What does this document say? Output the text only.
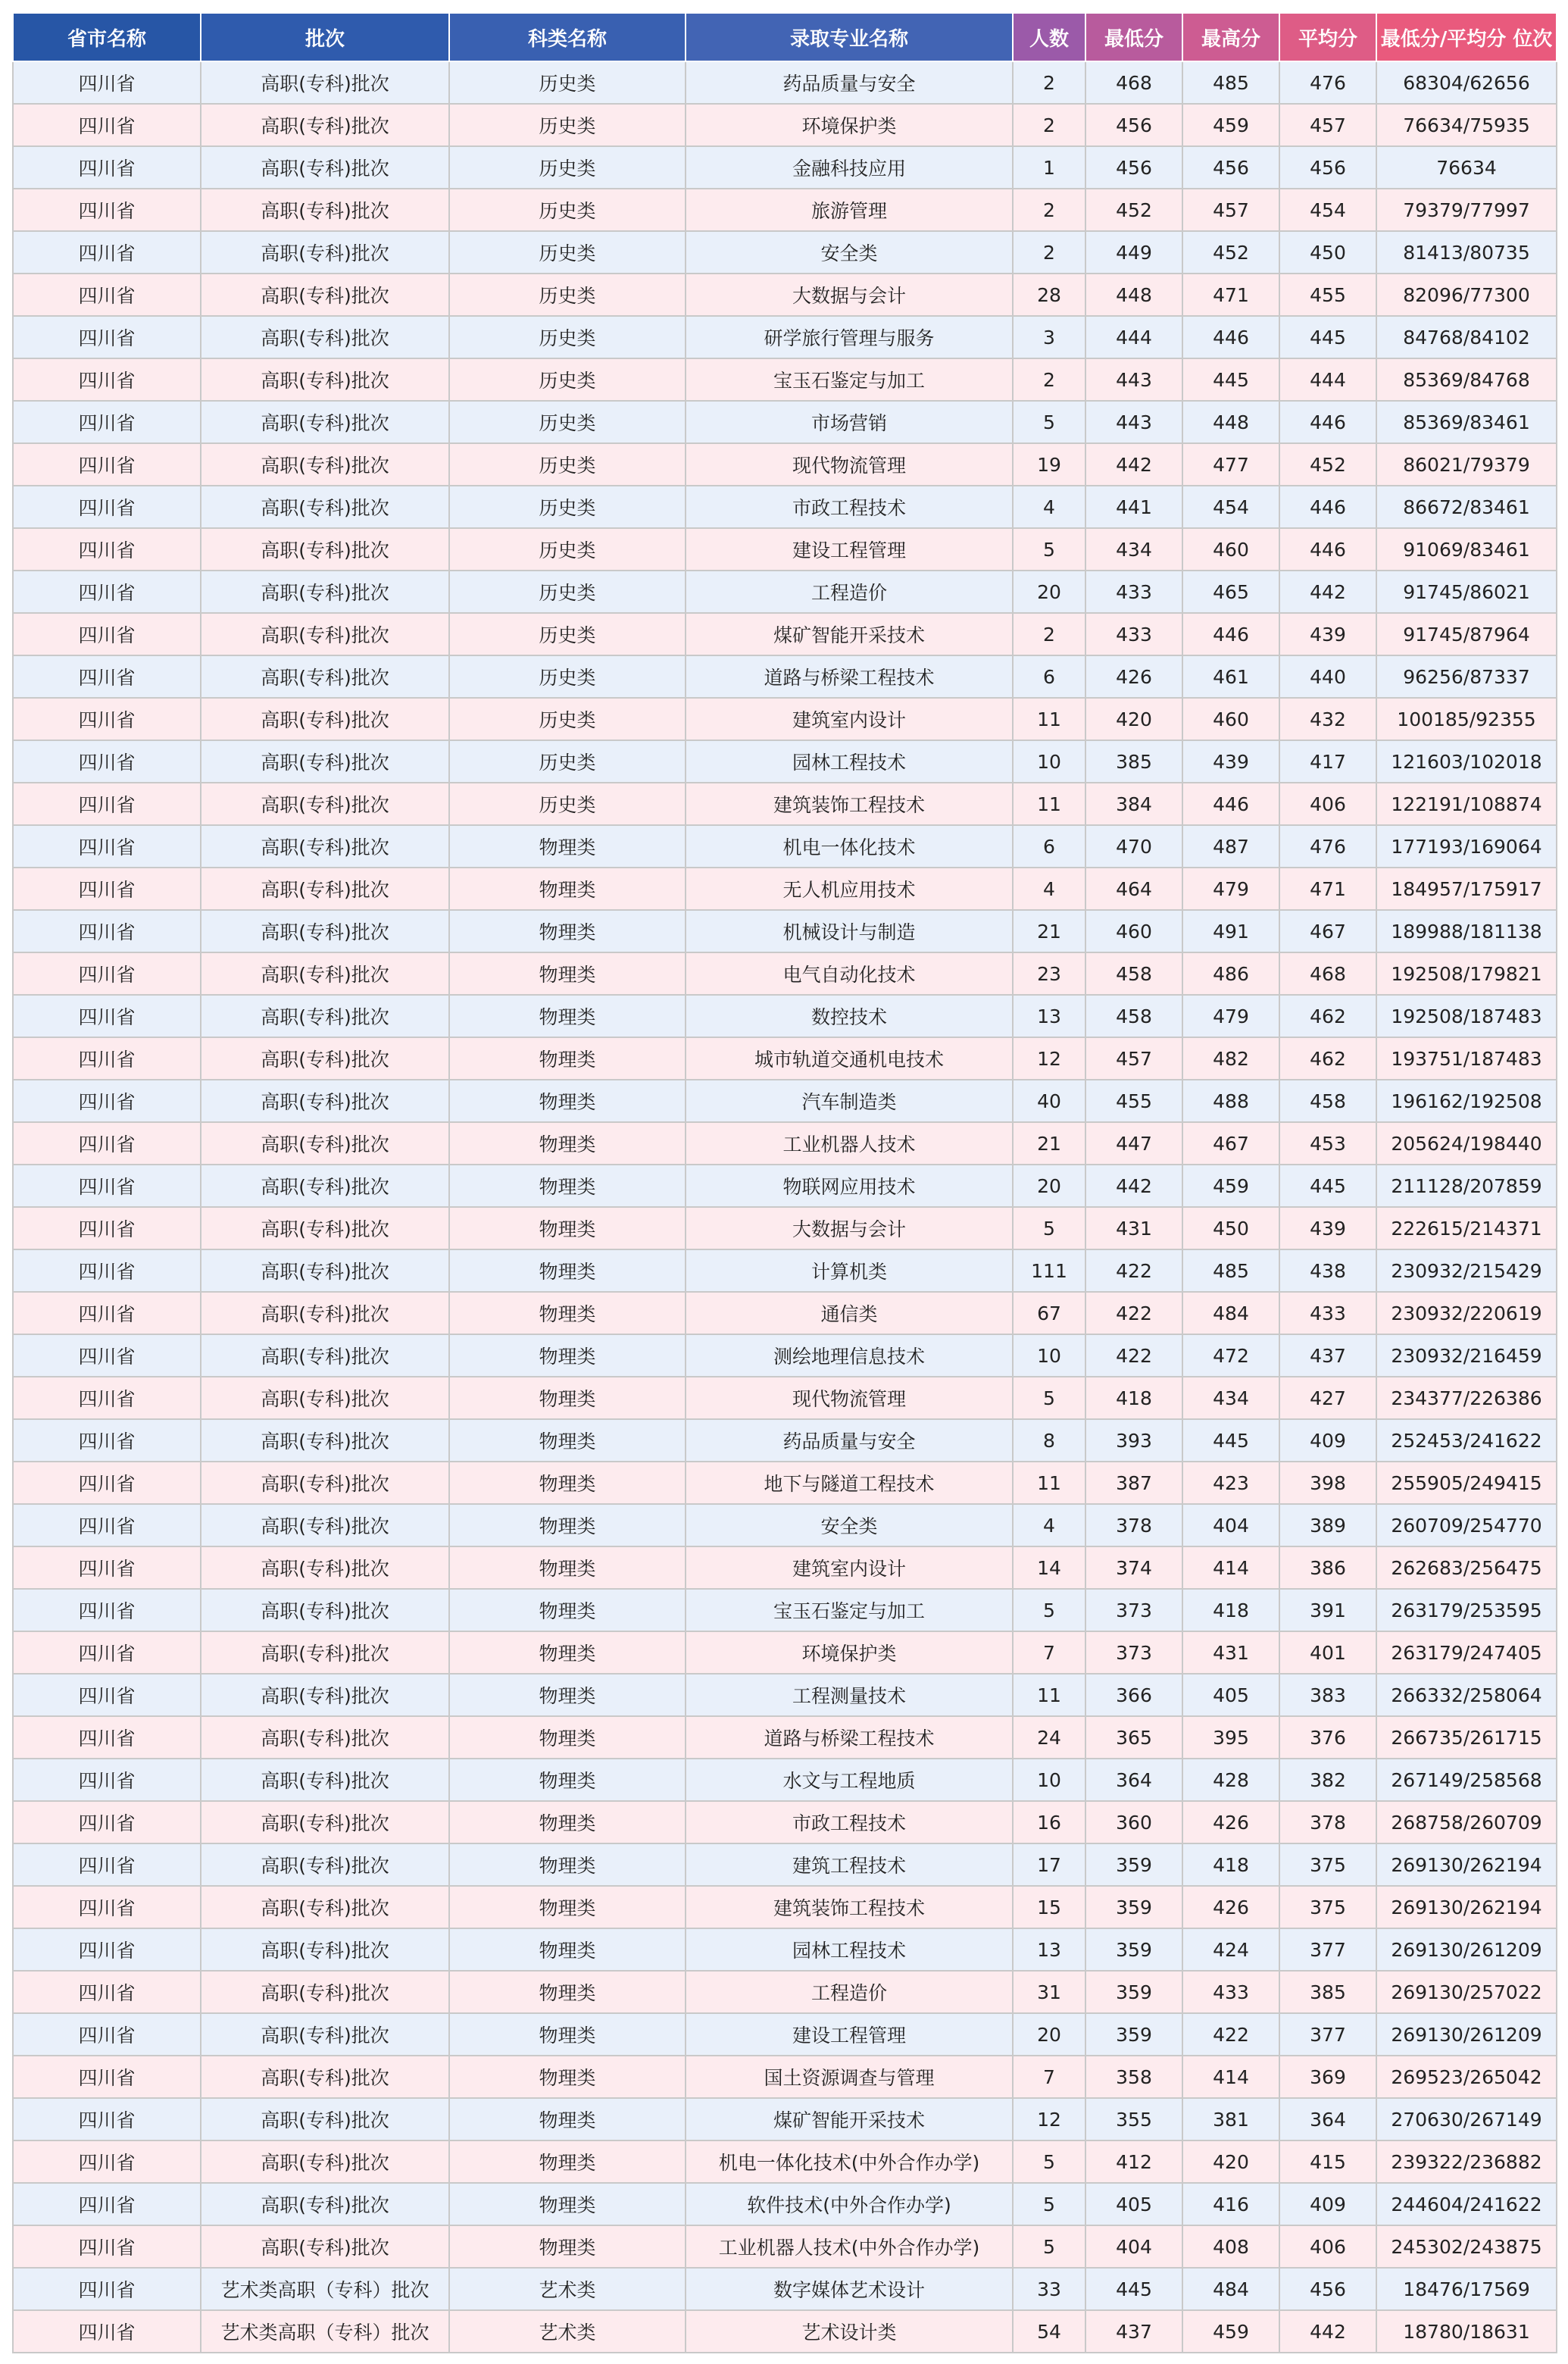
省市名称	批次	科类名称	录取专业名称	人数	最低分	最高分	平均分	最低分/平均分 位次
四川省	高职(专科)批次	历史类	药品质量与安全	2	468	485	476	68304/62656
四川省	高职(专科)批次	历史类	环境保护类	2	456	459	457	76634/75935
四川省	高职(专科)批次	历史类	金融科技应用	1	456	456	456	76634
四川省	高职(专科)批次	历史类	旅游管理	2	452	457	454	79379/77997
四川省	高职(专科)批次	历史类	安全类	2	449	452	450	81413/80735
四川省	高职(专科)批次	历史类	大数据与会计	28	448	471	455	82096/77300
四川省	高职(专科)批次	历史类	研学旅行管理与服务	3	444	446	445	84768/84102
四川省	高职(专科)批次	历史类	宝玉石鉴定与加工	2	443	445	444	85369/84768
四川省	高职(专科)批次	历史类	市场营销	5	443	448	446	85369/83461
四川省	高职(专科)批次	历史类	现代物流管理	19	442	477	452	86021/79379
四川省	高职(专科)批次	历史类	市政工程技术	4	441	454	446	86672/83461
四川省	高职(专科)批次	历史类	建设工程管理	5	434	460	446	91069/83461
四川省	高职(专科)批次	历史类	工程造价	20	433	465	442	91745/86021
四川省	高职(专科)批次	历史类	煤矿智能开采技术	2	433	446	439	91745/87964
四川省	高职(专科)批次	历史类	道路与桥梁工程技术	6	426	461	440	96256/87337
四川省	高职(专科)批次	历史类	建筑室内设计	11	420	460	432	100185/92355
四川省	高职(专科)批次	历史类	园林工程技术	10	385	439	417	121603/102018
四川省	高职(专科)批次	历史类	建筑装饰工程技术	11	384	446	406	122191/108874
四川省	高职(专科)批次	物理类	机电一体化技术	6	470	487	476	177193/169064
四川省	高职(专科)批次	物理类	无人机应用技术	4	464	479	471	184957/175917
四川省	高职(专科)批次	物理类	机械设计与制造	21	460	491	467	189988/181138
四川省	高职(专科)批次	物理类	电气自动化技术	23	458	486	468	192508/179821
四川省	高职(专科)批次	物理类	数控技术	13	458	479	462	192508/187483
四川省	高职(专科)批次	物理类	城市轨道交通机电技术	12	457	482	462	193751/187483
四川省	高职(专科)批次	物理类	汽车制造类	40	455	488	458	196162/192508
四川省	高职(专科)批次	物理类	工业机器人技术	21	447	467	453	205624/198440
四川省	高职(专科)批次	物理类	物联网应用技术	20	442	459	445	211128/207859
四川省	高职(专科)批次	物理类	大数据与会计	5	431	450	439	222615/214371
四川省	高职(专科)批次	物理类	计算机类	111	422	485	438	230932/215429
四川省	高职(专科)批次	物理类	通信类	67	422	484	433	230932/220619
四川省	高职(专科)批次	物理类	测绘地理信息技术	10	422	472	437	230932/216459
四川省	高职(专科)批次	物理类	现代物流管理	5	418	434	427	234377/226386
四川省	高职(专科)批次	物理类	药品质量与安全	8	393	445	409	252453/241622
四川省	高职(专科)批次	物理类	地下与隧道工程技术	11	387	423	398	255905/249415
四川省	高职(专科)批次	物理类	安全类	4	378	404	389	260709/254770
四川省	高职(专科)批次	物理类	建筑室内设计	14	374	414	386	262683/256475
四川省	高职(专科)批次	物理类	宝玉石鉴定与加工	5	373	418	391	263179/253595
四川省	高职(专科)批次	物理类	环境保护类	7	373	431	401	263179/247405
四川省	高职(专科)批次	物理类	工程测量技术	11	366	405	383	266332/258064
四川省	高职(专科)批次	物理类	道路与桥梁工程技术	24	365	395	376	266735/261715
四川省	高职(专科)批次	物理类	水文与工程地质	10	364	428	382	267149/258568
四川省	高职(专科)批次	物理类	市政工程技术	16	360	426	378	268758/260709
四川省	高职(专科)批次	物理类	建筑工程技术	17	359	418	375	269130/262194
四川省	高职(专科)批次	物理类	建筑装饰工程技术	15	359	426	375	269130/262194
四川省	高职(专科)批次	物理类	园林工程技术	13	359	424	377	269130/261209
四川省	高职(专科)批次	物理类	工程造价	31	359	433	385	269130/257022
四川省	高职(专科)批次	物理类	建设工程管理	20	359	422	377	269130/261209
四川省	高职(专科)批次	物理类	国土资源调查与管理	7	358	414	369	269523/265042
四川省	高职(专科)批次	物理类	煤矿智能开采技术	12	355	381	364	270630/267149
四川省	高职(专科)批次	物理类	机电一体化技术(中外合作办学)	5	412	420	415	239322/236882
四川省	高职(专科)批次	物理类	软件技术(中外合作办学)	5	405	416	409	244604/241622
四川省	高职(专科)批次	物理类	工业机器人技术(中外合作办学)	5	404	408	406	245302/243875
四川省	艺术类高职（专科）批次	艺术类	数字媒体艺术设计	33	445	484	456	18476/17569
四川省	艺术类高职（专科）批次	艺术类	艺术设计类	54	437	459	442	18780/18631
